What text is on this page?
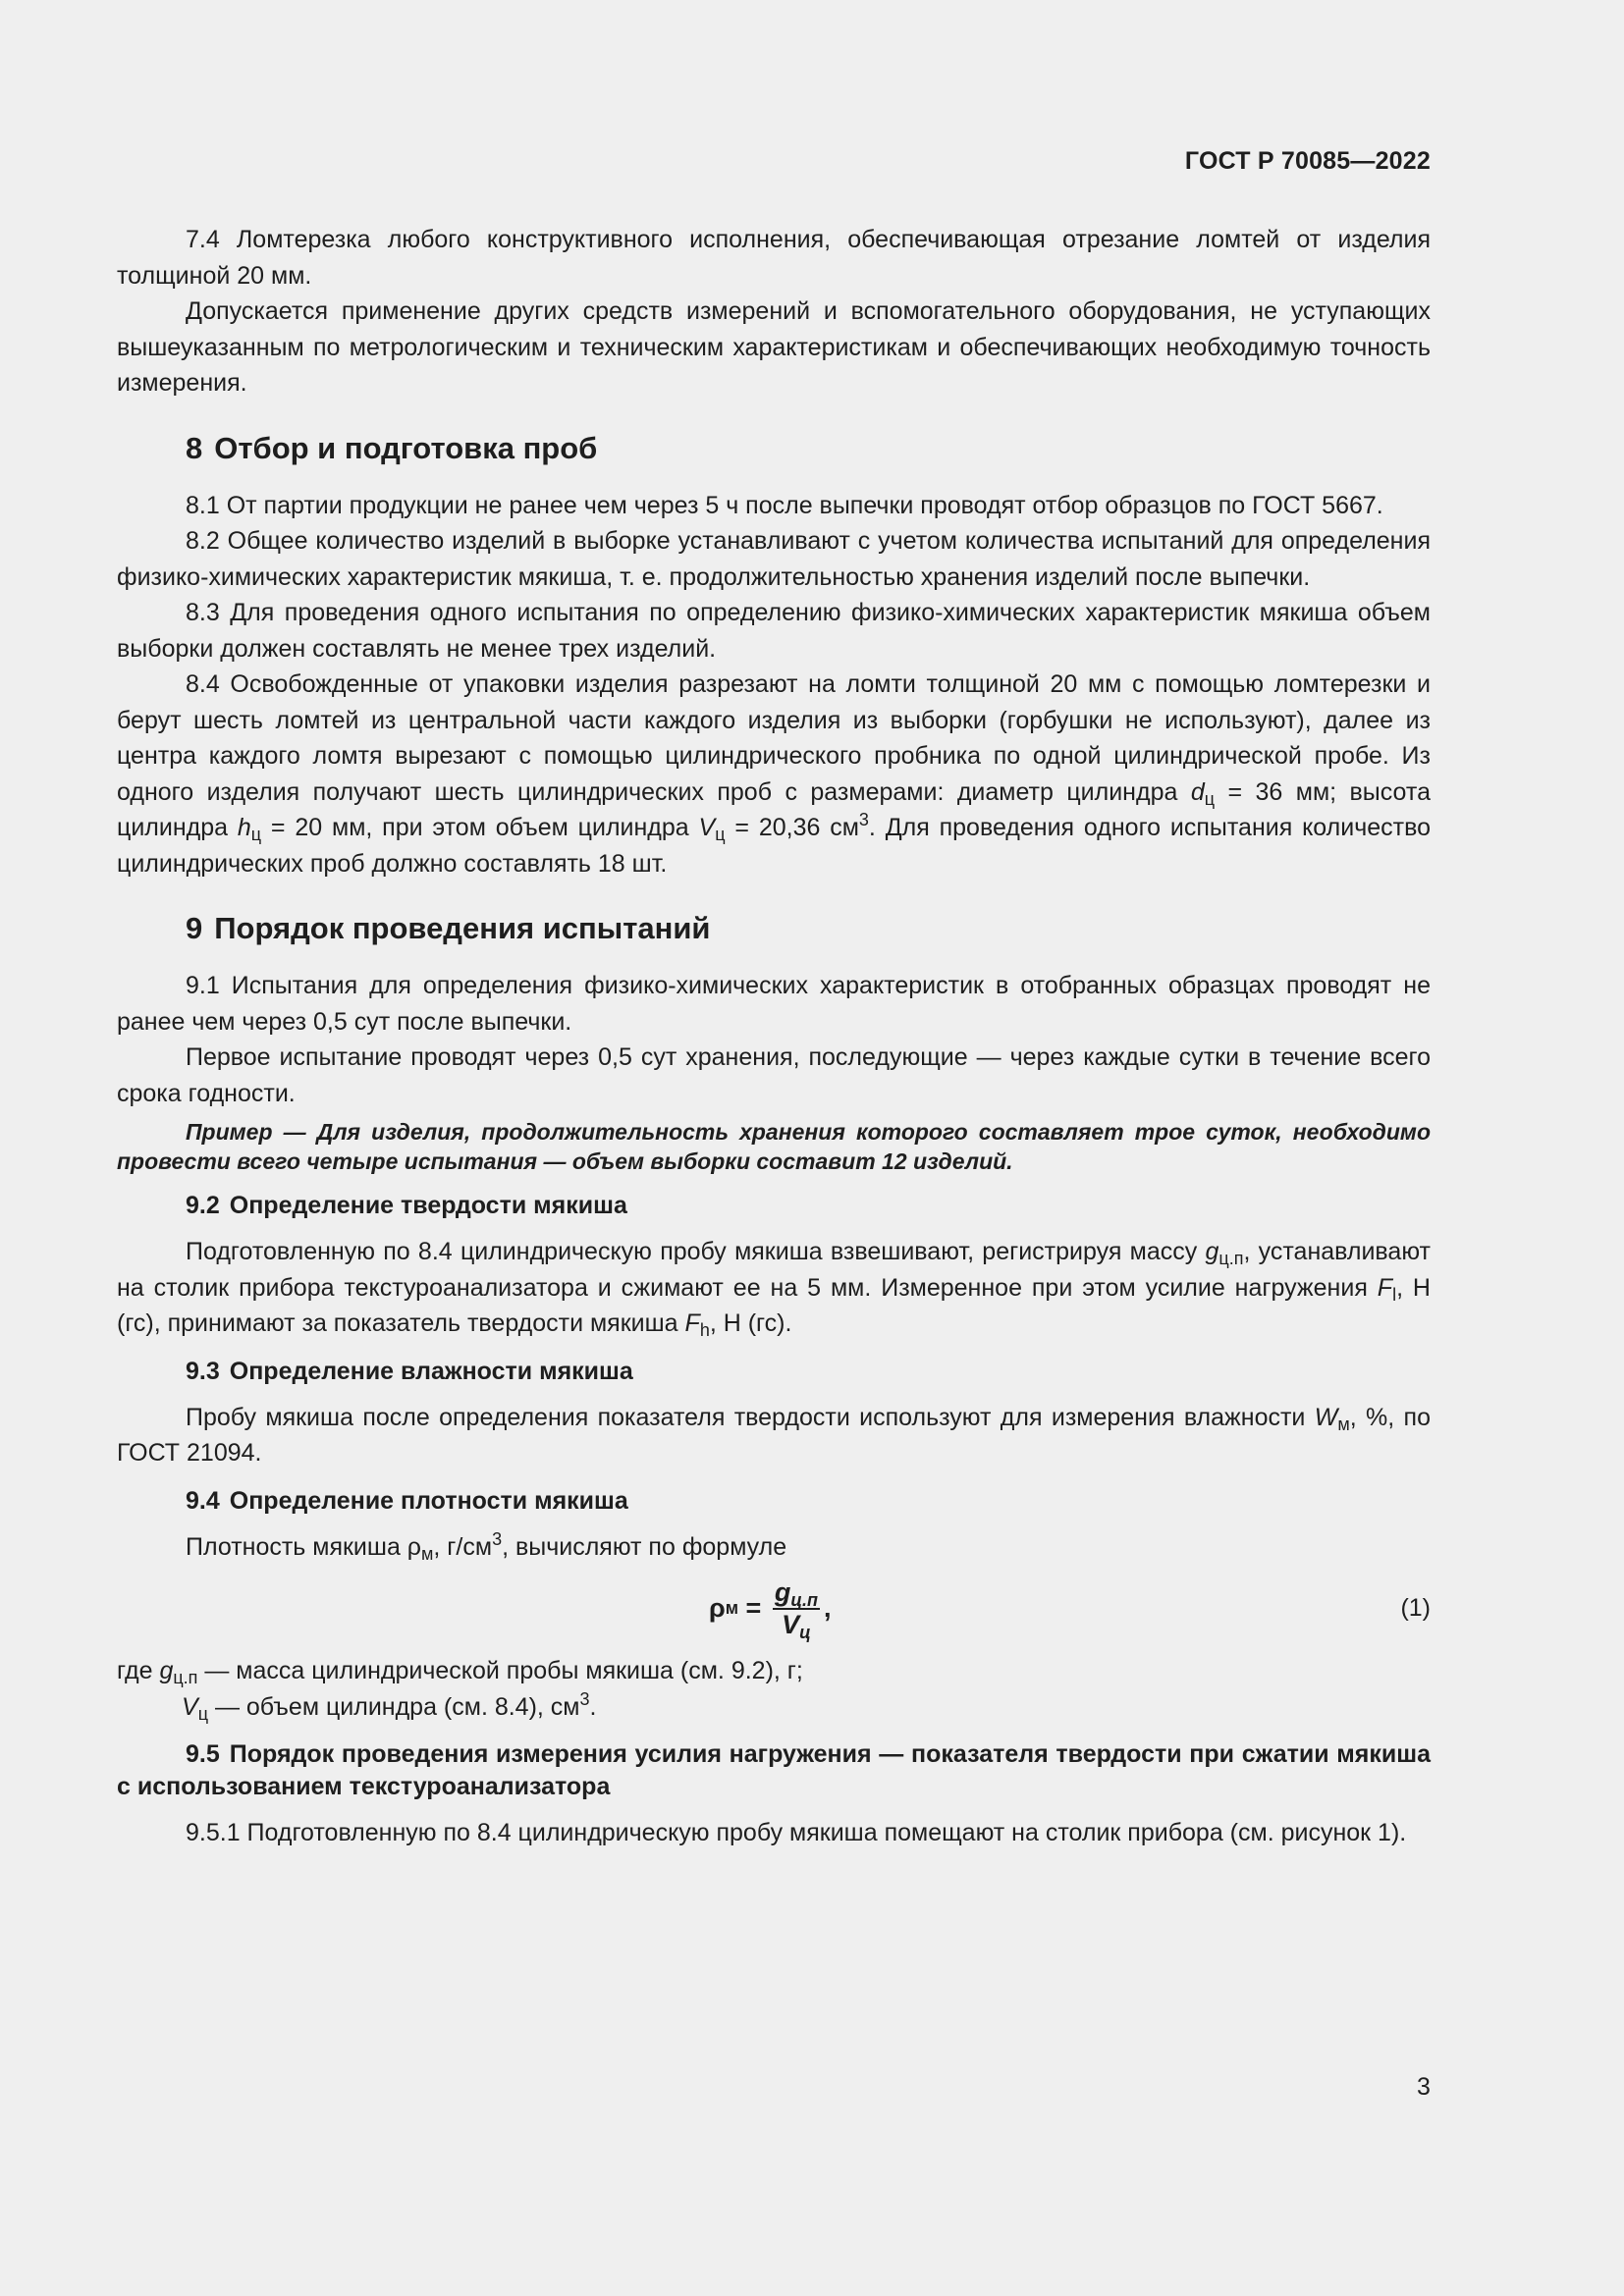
ГОСТ Р 70085—2022

7.4 Ломтерезка любого конструктивного исполнения, обеспечивающая отрезание ломтей от изделия толщиной 20 мм.

Допускается применение других средств измерений и вспомогательного оборудования, не уступающих вышеуказанным по метрологическим и техническим характеристикам и обеспечивающих необходимую точность измерения.

8 Отбор и подготовка проб

8.1 От партии продукции не ранее чем через 5 ч после выпечки проводят отбор образцов по ГОСТ 5667.

8.2 Общее количество изделий в выборке устанавливают с учетом количества испытаний для определения физико-химических характеристик мякиша, т. е. продолжительностью хранения изделий после выпечки.

8.3 Для проведения одного испытания по определению физико-химических характеристик мякиша объем выборки должен составлять не менее трех изделий.

8.4 Освобожденные от упаковки изделия разрезают на ломти толщиной 20 мм с помощью ломтерезки и берут шесть ломтей из центральной части каждого изделия из выборки (горбушки не используют), далее из центра каждого ломтя вырезают с помощью цилиндрического пробника по одной цилиндрической пробе. Из одного изделия получают шесть цилиндрических проб с размерами: диаметр цилиндра $d_ц = 36$ мм; высота цилиндра $h_ц = 20$ мм, при этом объем цилиндра $V_ц = 20,36$ $см^3$. Для проведения одного испытания количество цилиндрических проб должно составлять 18 шт.

9 Порядок проведения испытаний

9.1 Испытания для определения физико-химических характеристик в отобранных образцах проводят не ранее чем через 0,5 сут после выпечки.

Первое испытание проводят через 0,5 сут хранения, последующие — через каждые сутки в течение всего срока годности.

Пример — Для изделия, продолжительность хранения которого составляет трое суток, необходимо провести всего четыре испытания — объем выборки составит 12 изделий.

9.2 Определение твердости мякиша

Подготовленную по 8.4 цилиндрическую пробу мякиша взвешивают, регистрируя массу $g_{ц.п}$, устанавливают на столик прибора текстуроанализатора и сжимают ее на 5 мм. Измеренное при этом усилие нагружения $F_l$, Н (гс), принимают за показатель твердости мякиша $F_h$, Н (гс).

9.3 Определение влажности мякиша

Пробу мякиша после определения показателя твердости используют для измерения влажности $W_м$, %, по ГОСТ 21094.

9.4 Определение плотности мякиша

Плотность мякиша $\rho_м$, $г/см^3$, вычисляют по формуле

ρ $м = \frac{g_{ц.п}}{V_ц}$ ,	(1)

где $g_{ц.п}$ — масса цилиндрической пробы мякиша (см. 9.2), г;

$V_ц$ — объем цилиндра (см. 8.4), $см^3$.

9.5 Порядок проведения измерения усилия нагружения — показателя твердости при сжатии мякиша с использованием текстуроанализатора

9.5.1 Подготовленную по 8.4 цилиндрическую пробу мякиша помещают на столик прибора (см. рисунок 1).

3
